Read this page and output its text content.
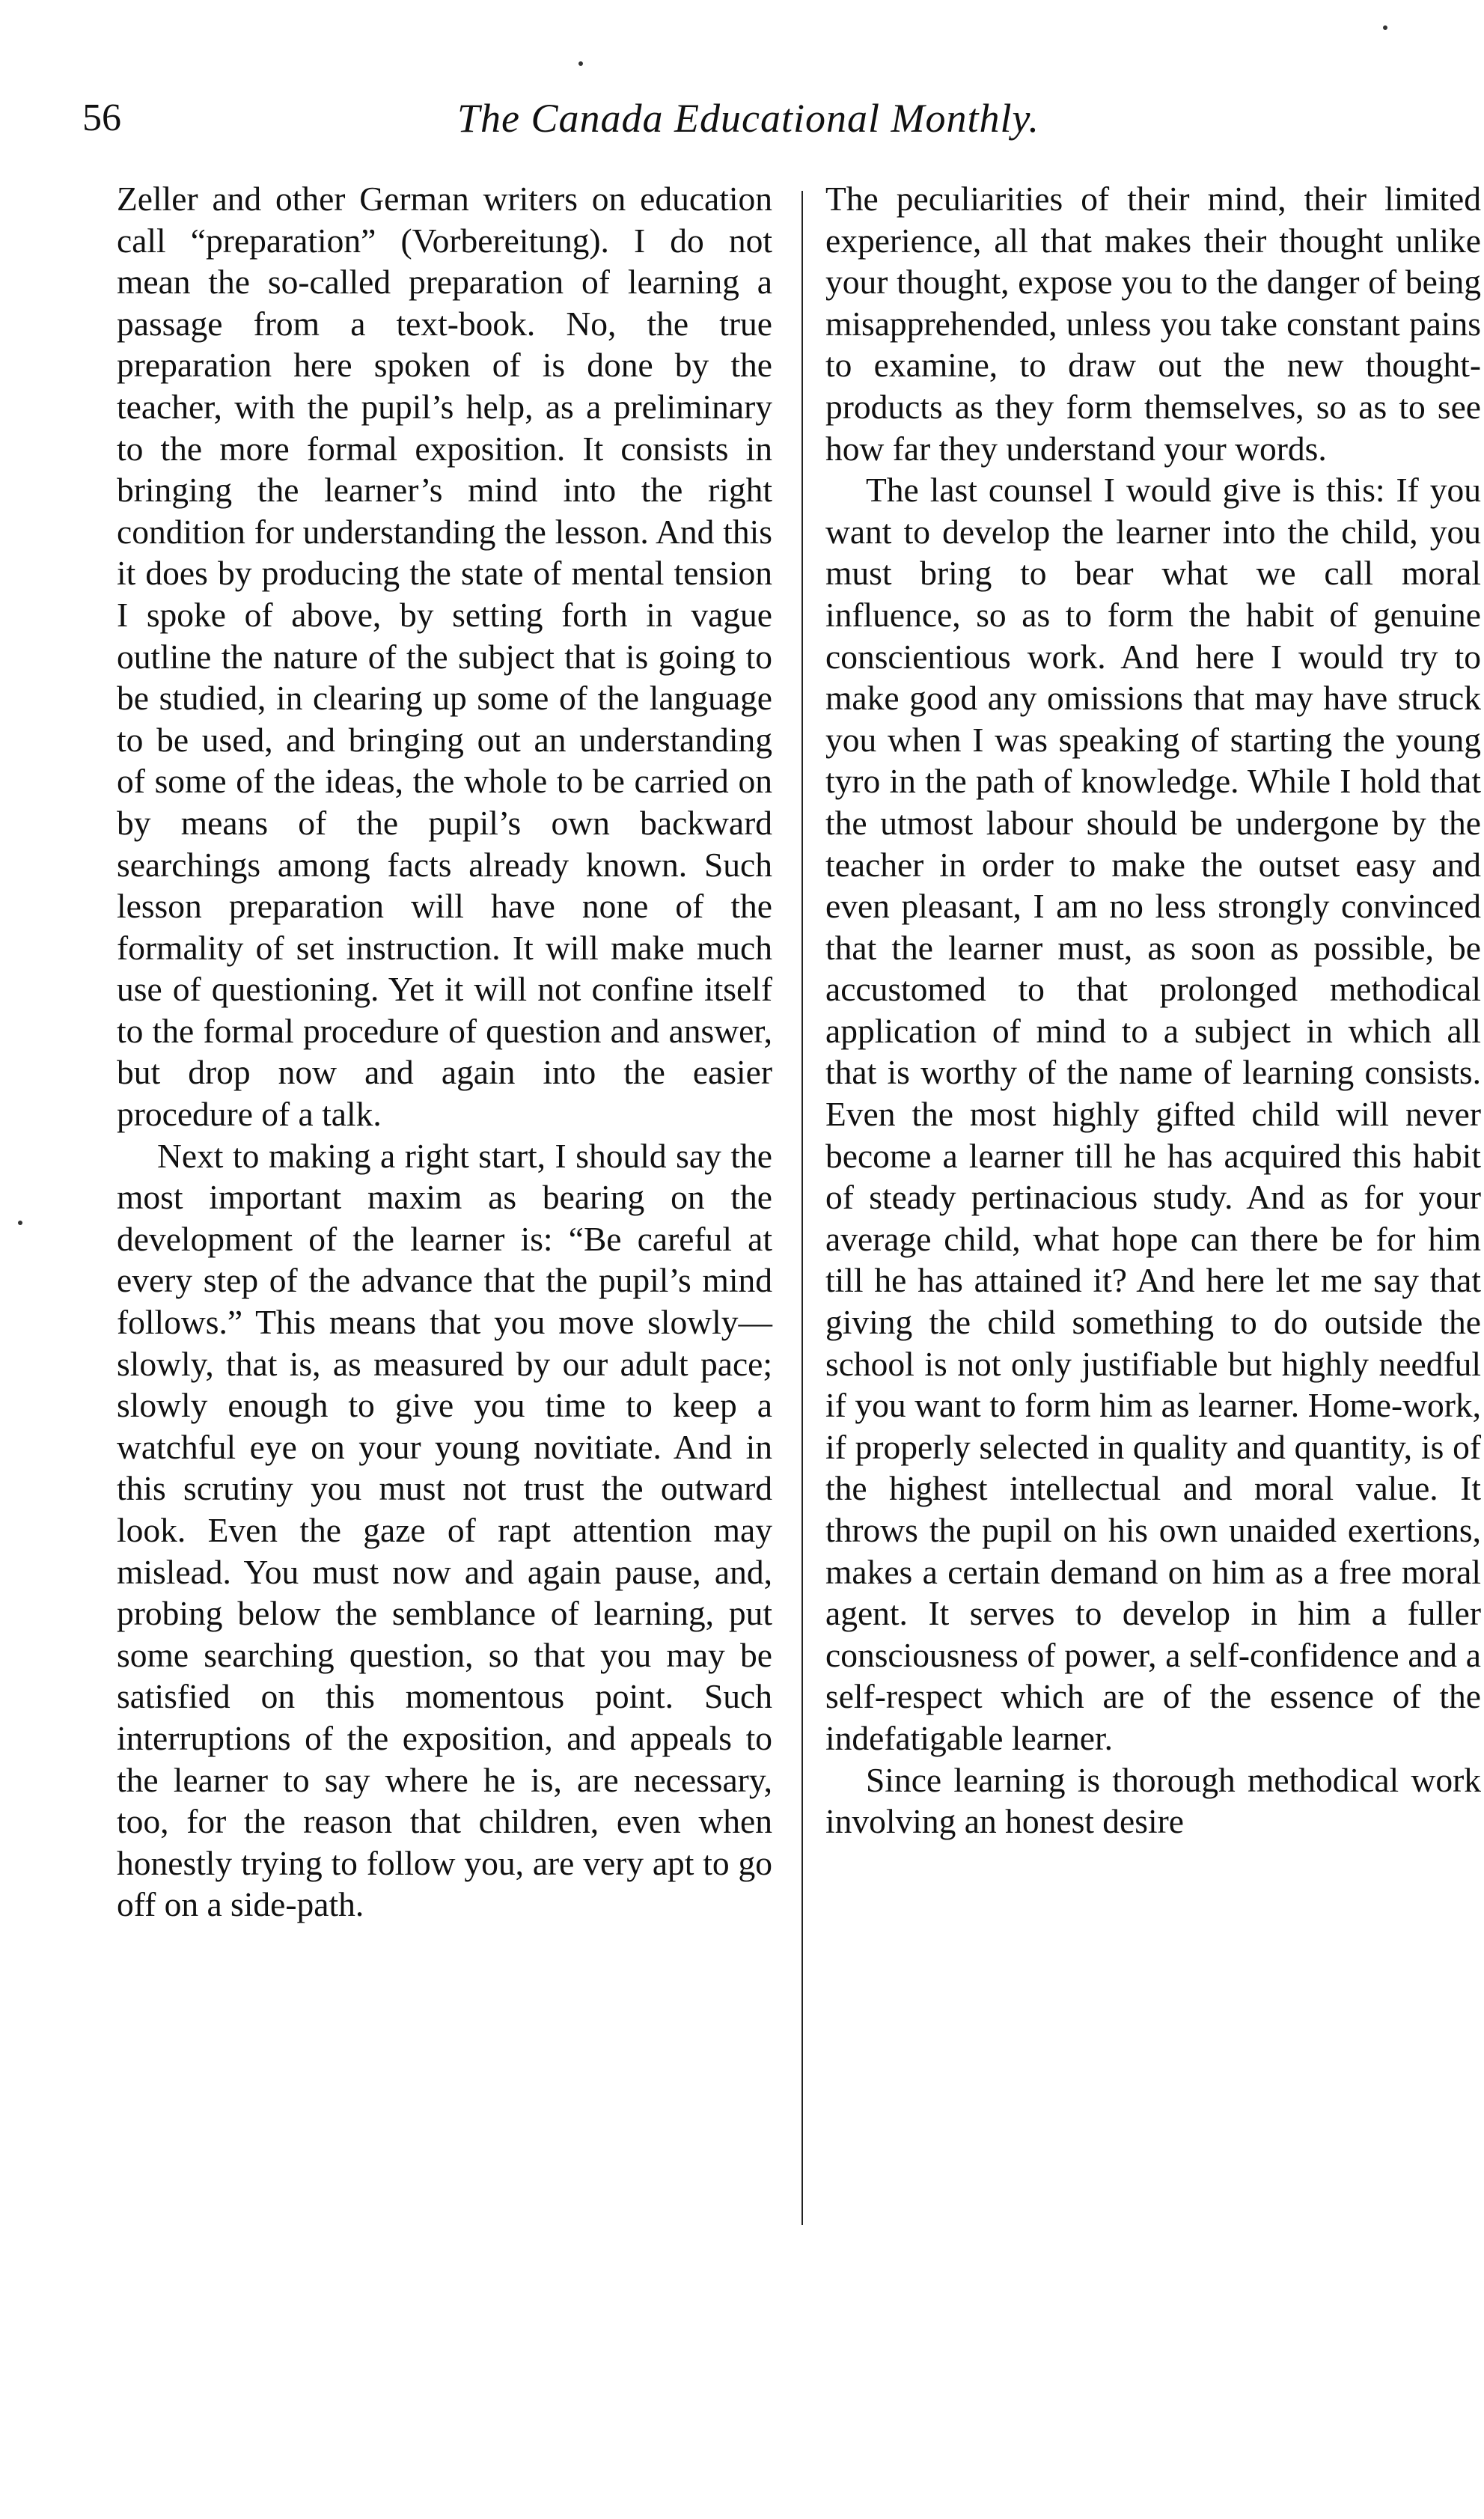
56	The Canada Educational Monthly.

Zeller and other German writers on education call “preparation” (Vorbereitung). I do not mean the so-called preparation of learning a passage from a text-book. No, the true preparation here spoken of is done by the teacher, with the pupil’s help, as a preliminary to the more formal exposition. It consists in bringing the learner’s mind into the right condition for understanding the lesson. And this it does by producing the state of mental tension I spoke of above, by setting forth in vague outline the nature of the subject that is going to be studied, in clearing up some of the language to be used, and bringing out an understanding of some of the ideas, the whole to be carried on by means of the pupil’s own backward searchings among facts already known. Such lesson preparation will have none of the formality of set instruction. It will make much use of questioning. Yet it will not confine itself to the formal procedure of question and answer, but drop now and again into the easier procedure of a talk.

Next to making a right start, I should say the most important maxim as bearing on the development of the learner is: “Be careful at every step of the advance that the pupil’s mind follows.” This means that you move slowly—slowly, that is, as measured by our adult pace; slowly enough to give you time to keep a watchful eye on your young novitiate. And in this scrutiny you must not trust the outward look. Even the gaze of rapt attention may mislead. You must now and again pause, and, probing below the semblance of learning, put some searching question, so that you may be satisfied on this momentous point. Such interruptions of the exposition, and appeals to the learner to say where he is, are necessary, too, for the reason that children, even when honestly trying to follow you, are very apt to go off on a side-path.

The peculiarities of their mind, their limited experience, all that makes their thought unlike your thought, expose you to the danger of being misapprehended, unless you take constant pains to examine, to draw out the new thought-products as they form themselves, so as to see how far they understand your words.

The last counsel I would give is this: If you want to develop the learner into the child, you must bring to bear what we call moral influence, so as to form the habit of genuine conscientious work. And here I would try to make good any omissions that may have struck you when I was speaking of starting the young tyro in the path of knowledge. While I hold that the utmost labour should be undergone by the teacher in order to make the outset easy and even pleasant, I am no less strongly convinced that the learner must, as soon as possible, be accustomed to that prolonged methodical application of mind to a subject in which all that is worthy of the name of learning consists. Even the most highly gifted child will never become a learner till he has acquired this habit of steady pertinacious study. And as for your average child, what hope can there be for him till he has attained it? And here let me say that giving the child something to do outside the school is not only justifiable but highly needful if you want to form him as learner. Home-work, if properly selected in quality and quantity, is of the highest intellectual and moral value. It throws the pupil on his own unaided exertions, makes a certain demand on him as a free moral agent. It serves to develop in him a fuller consciousness of power, a self-confidence and a self-respect which are of the essence of the indefatigable learner.

Since learning is thorough methodical work involving an honest desire
